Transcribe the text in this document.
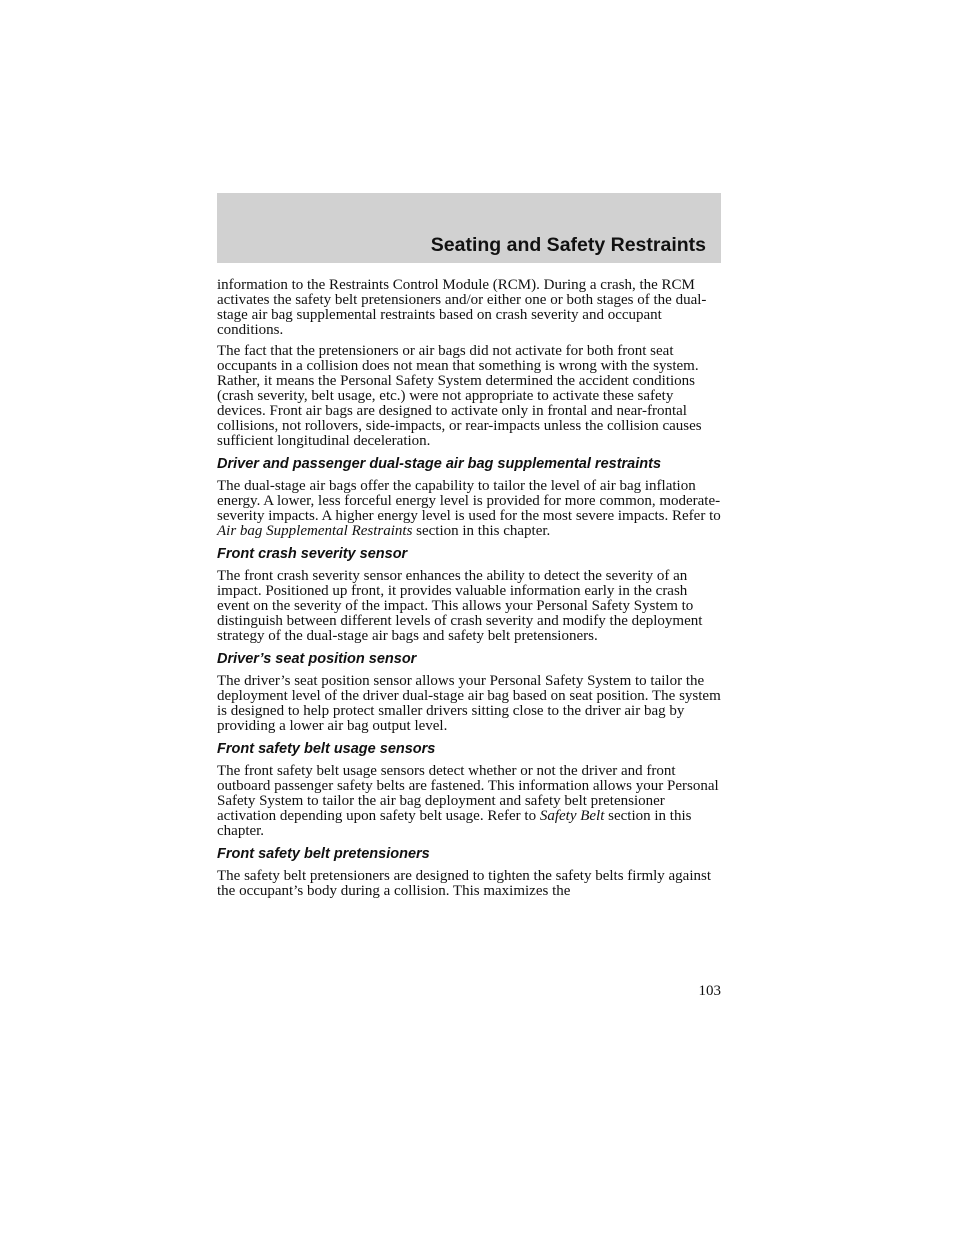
Seating and Safety Restraints

information to the Restraints Control Module (RCM). During a crash, the RCM activates the safety belt pretensioners and/or either one or both stages of the dual-stage air bag supplemental restraints based on crash severity and occupant conditions.

The fact that the pretensioners or air bags did not activate for both front seat occupants in a collision does not mean that something is wrong with the system. Rather, it means the Personal Safety System determined the accident conditions (crash severity, belt usage, etc.) were not appropriate to activate these safety devices. Front air bags are designed to activate only in frontal and near-frontal collisions, not rollovers, side-impacts, or rear-impacts unless the collision causes sufficient longitudinal deceleration.

Driver and passenger dual-stage air bag supplemental restraints

The dual-stage air bags offer the capability to tailor the level of air bag inflation energy. A lower, less forceful energy level is provided for more common, moderate-severity impacts. A higher energy level is used for the most severe impacts. Refer to Air bag Supplemental Restraints section in this chapter.

Front crash severity sensor

The front crash severity sensor enhances the ability to detect the severity of an impact. Positioned up front, it provides valuable information early in the crash event on the severity of the impact. This allows your Personal Safety System to distinguish between different levels of crash severity and modify the deployment strategy of the dual-stage air bags and safety belt pretensioners.

Driver’s seat position sensor

The driver’s seat position sensor allows your Personal Safety System to tailor the deployment level of the driver dual-stage air bag based on seat position. The system is designed to help protect smaller drivers sitting close to the driver air bag by providing a lower air bag output level.

Front safety belt usage sensors

The front safety belt usage sensors detect whether or not the driver and front outboard passenger safety belts are fastened. This information allows your Personal Safety System to tailor the air bag deployment and safety belt pretensioner activation depending upon safety belt usage. Refer to Safety Belt section in this chapter.

Front safety belt pretensioners

The safety belt pretensioners are designed to tighten the safety belts firmly against the occupant’s body during a collision. This maximizes the

103
